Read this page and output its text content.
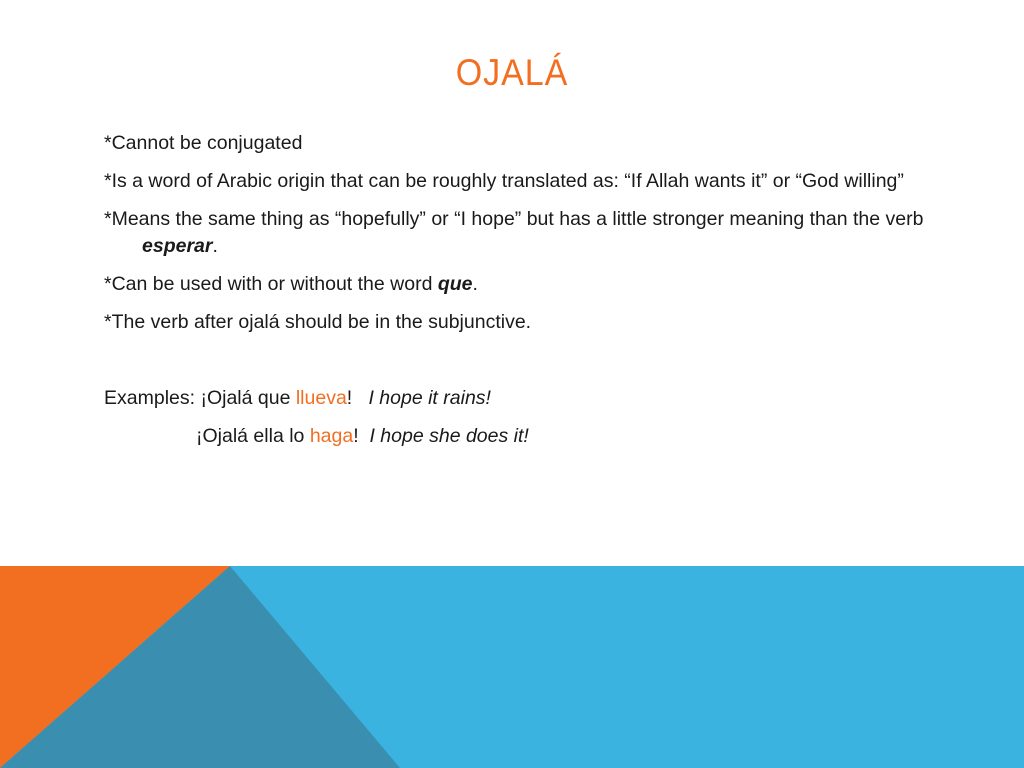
OJALÁ

*Cannot be conjugated

*Is a word of Arabic origin that can be roughly translated as: “If Allah wants it” or “God willing”

*Means the same thing as “hopefully” or “I hope” but has a little stronger meaning than the verb esperar.

*Can be used with or without the word que.

*The verb after ojalá should be in the subjunctive.

Examples: ¡Ojalá que llueva!   I hope it rains!
¡Ojalá ella lo haga!  I hope she does it!
